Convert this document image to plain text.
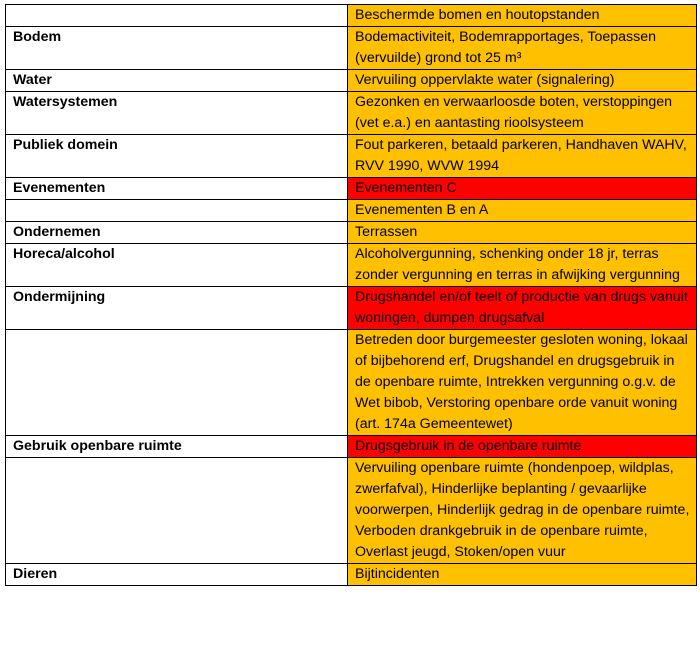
	Beschermde bomen en houtopstanden
Bodem	Bodemactiviteit, Bodemrapportages, Toepassen (vervuilde) grond tot 25 m³
Water	Vervuiling oppervlakte water (signalering)
Watersystemen	Gezonken en verwaarloosde boten, verstoppingen (vet e.a.) en aantasting rioolsysteem
Publiek domein	Fout parkeren, betaald parkeren, Handhaven WAHV, RVV 1990, WVW 1994
Evenementen	Evenementen C
	Evenementen B en A
Ondernemen	Terrassen
Horeca/alcohol	Alcoholvergunning, schenking onder 18 jr, terras zonder vergunning en terras in afwijking vergunning
Ondermijning	Drugshandel en/of teelt of productie van drugs vanuit woningen, dumpen drugsafval
	Betreden door burgemeester gesloten woning, lokaal of bijbehorend erf, Drugshandel en drugsgebruik in de openbare ruimte, Intrekken vergunning o.g.v. de Wet bibob, Verstoring openbare orde vanuit woning (art. 174a Gemeentewet)
Gebruik openbare ruimte	Drugsgebruik in de openbare ruimte
	Vervuiling openbare ruimte (hondenpoep, wildplas, zwerfafval), Hinderlijke beplanting / gevaarlijke voorwerpen, Hinderlijk gedrag in de openbare ruimte, Verboden drankgebruik in de openbare ruimte, Overlast jeugd, Stoken/open vuur
Dieren	Bijtincidenten
